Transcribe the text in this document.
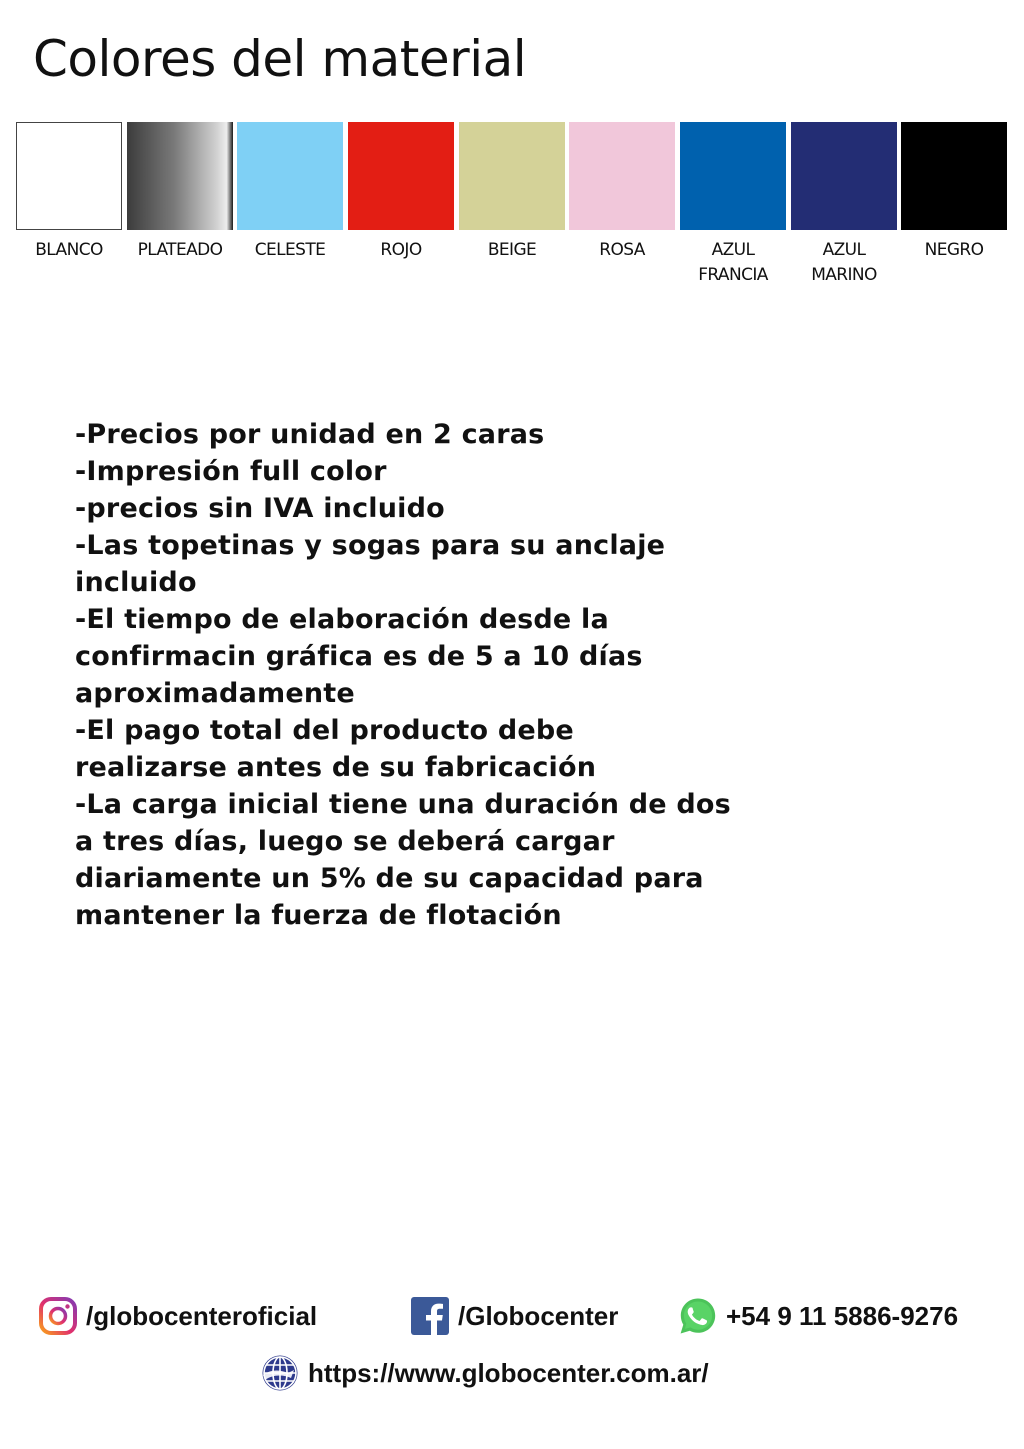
Colores del material
BLANCO	PLATEADO	CELESTE	ROJO	BEIGE	ROSA	AZUL
FRANCIA
AZUL
MARINO
NEGRO
-Precios por unidad en 2 caras
-Impresión full color
-precios sin IVA incluido
-Las topetinas y sogas para su anclaje incluido
-El tiempo de elaboración desde la confirmacin gráfica es de 5 a 10 días aproximadamente
-El pago total del producto debe realizarse antes de su fabricación
-La carga inicial tiene una duración de dos a tres días, luego se deberá cargar diariamente un 5% de su capacidad para mantener la fuerza de flotación
/globocenteroficial	/Globocenter	+54 9 11 5886-9276
https://www.globocenter.com.ar/
